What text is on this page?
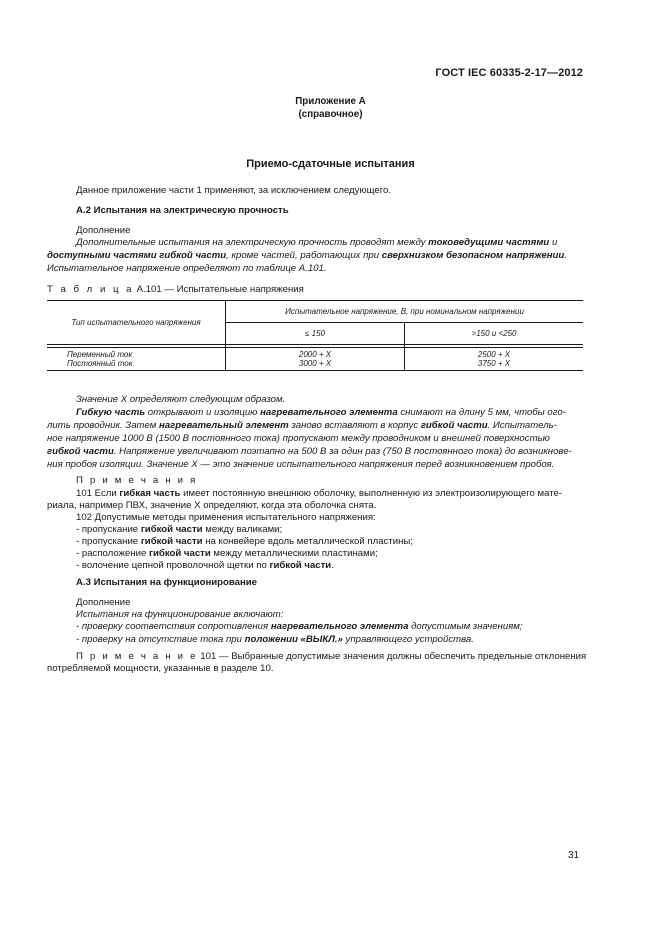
ГОСТ IEC 60335-2-17—2012
Приложение A
(справочное)
Приемо-сдаточные испытания
Данное приложение части 1 применяют, за исключением следующего.
A.2 Испытания на электрическую прочность
Дополнение
Дополнительные испытания на электрическую прочность проводят между токоведущими частями и
доступными частями гибкой части, кроме частей, работающих при сверхнизком безопасном напряжении.
Испытательное напряжение определяют по таблице A.101.
Т а б л и ц а A.101 — Испытательные напряжения
Тип испытательного напряжения	Испытательное напряжение, В, при номинальном напряжении	
	≤ 150	>150 и <250

Переменный ток	2000 + X	2500 + X
Постоянный ток	3000 + X	3750 + X
Значение X определяют следующим образом.
Гибкую часть открывают и изоляцию нагревательного элемента снимают на длину 5 мм, чтобы ого-
лить проводник. Затем нагревательный элемент заново вставляют в корпус гибкой части. Испытатель-
ное напряжение 1000 В (1500 В постоянного тока) пропускают между проводником и внешней поверхностью
гибкой части. Напряжение увеличивают поэтапно на 500 В за один раз (750 В постоянного тока) до возникнове-
ния пробоя изоляции. Значение X — это значение испытательного напряжения перед возникновением пробоя.
П р и м е ч а н и я
101 Если гибкая часть имеет постоянную внешнюю оболочку, выполненную из электроизолирующего мате-
риала, например ПВХ, значение X определяют, когда эта оболочка снята.
102 Допустимые методы применения испытательного напряжения:
- пропускание гибкой части между валиками;
- пропускание гибкой части на конвейере вдоль металлической пластины;
- расположение гибкой части между металлическими пластинами;
- волочение цепной проволочной щетки по гибкой части.
A.3 Испытания на функционирование
Дополнение
Испытания на функционирование включают:
- проверку соответствия сопротивления нагревательного элемента допустимым значениям;
- проверку на отсутствие тока при положении «ВЫКЛ.» управляющего устройства.
П р и м е ч а н и е 101 — Выбранные допустимые значения должны обеспечить предельные отклонения
потребляемой мощности, указанные в разделе 10.
31
